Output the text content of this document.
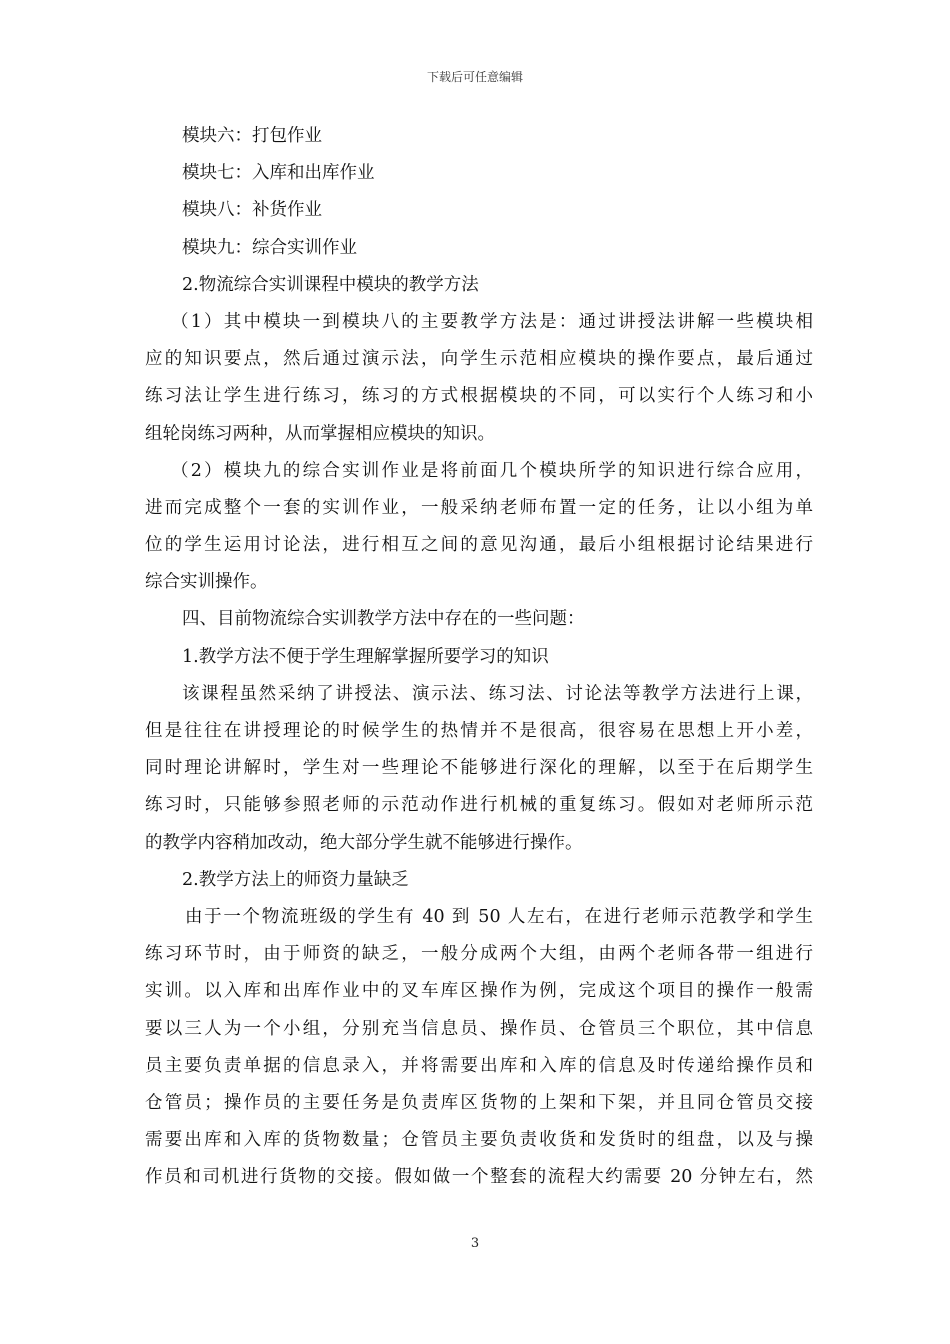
下载后可任意编辑
模块六：打包作业
模块七：入库和出库作业
模块八：补货作业
模块九：综合实训作业
2.物流综合实训课程中模块的教学方法
（1）其中模块一到模块八的主要教学方法是：通过讲授法讲解一些模块相
应的知识要点，然后通过演示法，向学生示范相应模块的操作要点，最后通过
练习法让学生进行练习，练习的方式根据模块的不同，可以实行个人练习和小
组轮岗练习两种，从而掌握相应模块的知识。
（2）模块九的综合实训作业是将前面几个模块所学的知识进行综合应用，
进而完成整个一套的实训作业，一般采纳老师布置一定的任务，让以小组为单
位的学生运用讨论法，进行相互之间的意见沟通，最后小组根据讨论结果进行
综合实训操作。
四、目前物流综合实训教学方法中存在的一些问题：
1.教学方法不便于学生理解掌握所要学习的知识
该课程虽然采纳了讲授法、演示法、练习法、讨论法等教学方法进行上课，
但是往往在讲授理论的时候学生的热情并不是很高，很容易在思想上开小差，
同时理论讲解时，学生对一些理论不能够进行深化的理解，以至于在后期学生
练习时，只能够参照老师的示范动作进行机械的重复练习。假如对老师所示范
的教学内容稍加改动，绝大部分学生就不能够进行操作。
2.教学方法上的师资力量缺乏
由于一个物流班级的学生有 40 到 50 人左右，在进行老师示范教学和学生
练习环节时，由于师资的缺乏，一般分成两个大组，由两个老师各带一组进行
实训。以入库和出库作业中的叉车库区操作为例，完成这个项目的操作一般需
要以三人为一个小组，分别充当信息员、操作员、仓管员三个职位，其中信息
员主要负责单据的信息录入，并将需要出库和入库的信息及时传递给操作员和
仓管员；操作员的主要任务是负责库区货物的上架和下架，并且同仓管员交接
需要出库和入库的货物数量；仓管员主要负责收货和发货时的组盘，以及与操
作员和司机进行货物的交接。假如做一个整套的流程大约需要 20 分钟左右，然
3
